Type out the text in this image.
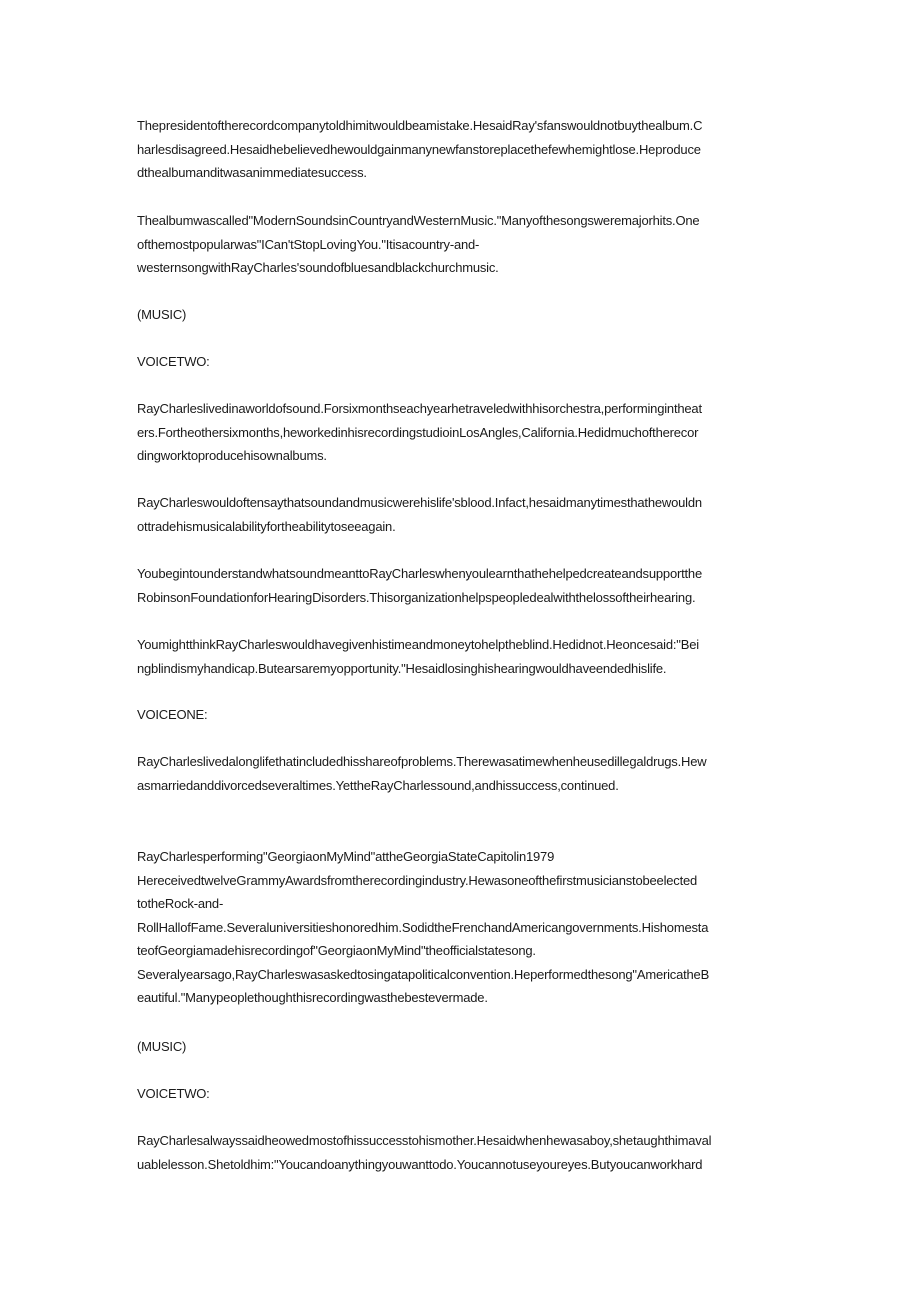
Thepresidentoftherecordcompanytoldhimitwouldbeamistake.HesaidRay'sfanswouldnotbuythealbum.C
harlesdisagreed.Hesaidhebelievedhewouldgainmanynewfanstoreplacethefewhemightlose.Heproduce
dthealbumanditwasanimmediatesuccess.
Thealbumwascalled"ModernSoundsinCountryandWesternMusic."Manyofthesongsweremajorhits.One
ofthemostpopularwas"ICan'tStopLovingYou."Itisacountry-and-
westernsongwithRayCharles'soundofbluesandblackchurchmusic.
(MUSIC)
VOICETWO:
RayCharleslivedinaworldofsound.Forsixmonthseachyearhetraveledwithhisorchestra,performingintheat
ers.Fortheothersixmonths,heworkedinhisrecordingstudioinLosAngles,California.Hedidmuchoftherecor
dingworktoproducehisownalbums.
RayCharleswouldoftensaythatsoundandmusicwerehislife'sblood.Infact,hesaidmanytimesthathewouldn
ottradehismusicalabilityfortheabilitytoseeagain.
YoubegintounderstandwhatsoundmeanttoRayCharleswhenyoulearnthathehelpedcreateandsupportthe
RobinsonFoundationforHearingDisorders.Thisorganizationhelpspeopledealwiththelossoftheirhearing.
YoumightthinkRayCharleswouldhavegivenhistimeandmoneytohelptheblind.Hedidnot.Heoncesaid:"Bei
ngblindismyhandicap.Butearsaremyopportunity."Hesaidlosinghishearingwouldhaveendedhislife.
VOICEONE:
RayCharleslivedalonglifethatincludedhisshareofproblems.Therewasatimewhenheusedillegaldrugs.Hew
asmarriedanddivorcedseveraltimes.YettheRayCharlessound,andhissuccess,continued.
RayCharlesperforming"GeorgiaonMyMind"attheGeorgiaStateCapitolin1979
HereceivedtwelveGrammyAwardsfromtherecordingindustry.Hewasoneofthefirstmusicianstobeelected
totheRock-and-
RollHallofFame.Severaluniversitieshonoredhim.SodidtheFrenchandAmericangovernments.Hishomesta
teofGeorgiamadehisrecordingof"GeorgiaonMyMind"theofficialstatesong.
Severalyearsago,RayCharleswasaskedtosingatapoliticalconvention.Heperformedthesong"AmericatheB
eautiful."Manypeoplethoughthisrecordingwasthebestevermade.
(MUSIC)
VOICETWO:
RayCharlesalwayssaidheowedmostofhissuccesstohismother.Hesaidwhenhewasaboy,shetaughthimaval
uablelesson.Shetoldhim:"Youcandoanythingyouwanttodo.Youcannotuseyoureyes.Butyoucanworkhard
